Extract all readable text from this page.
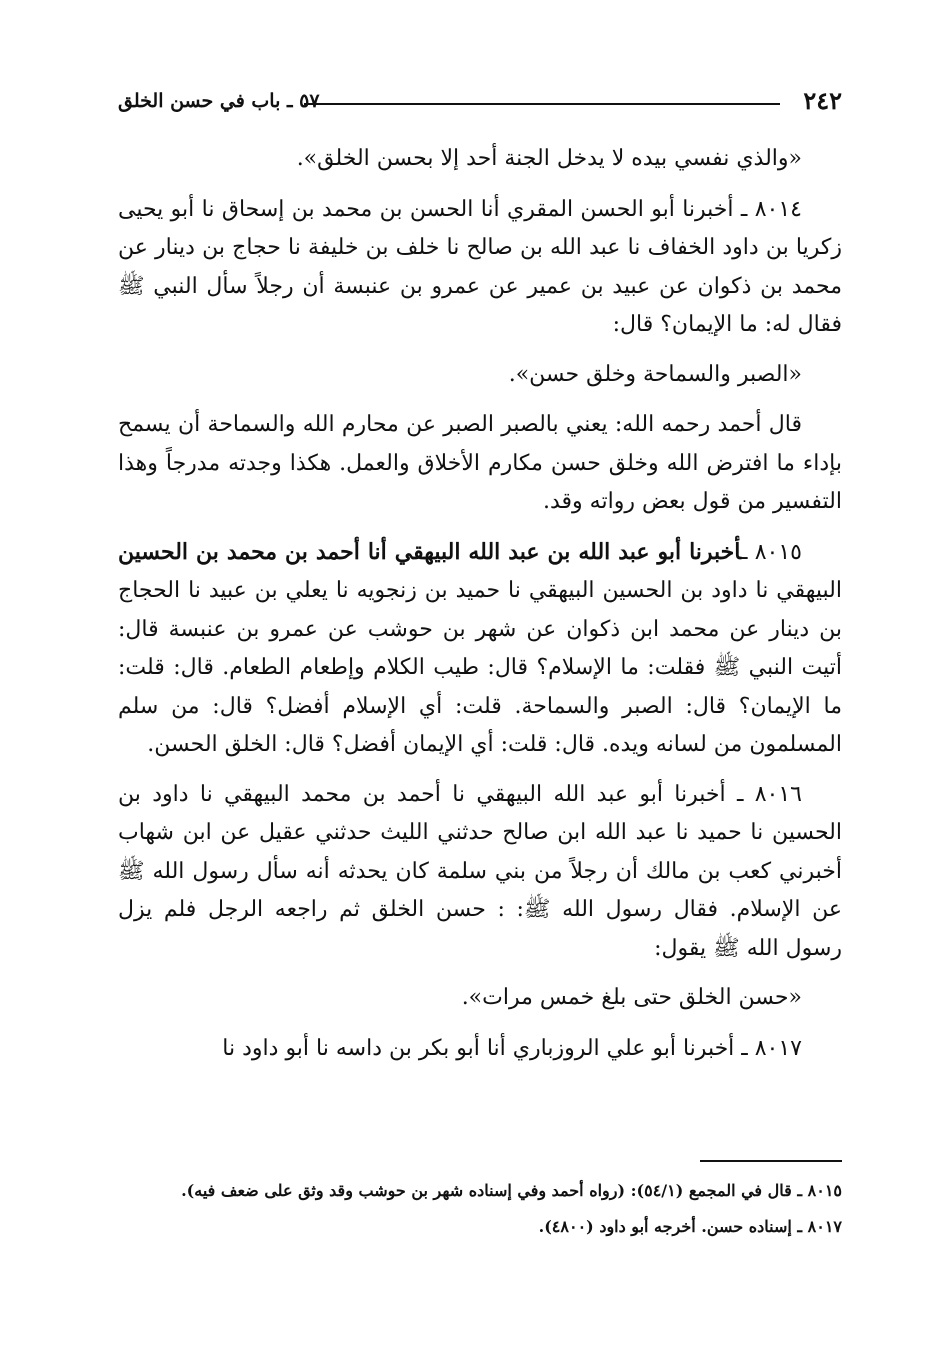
٢٤٢
٥٧ ـ باب في حسن الخلق

«والذي نفسي بيده لا يدخل الجنة أحد إلا بحسن الخلق».

٨٠١٤ ـ أخبرنا أبو الحسن المقري أنا الحسن بن محمد بن إسحاق نا أبو يحيى زكريا بن داود الخفاف نا عبد الله بن صالح نا خلف بن خليفة نا حجاج بن دينار عن محمد بن ذكوان عن عبيد بن عمير عن عمرو بن عنبسة أن رجلاً سأل النبي ﷺ فقال له: ما الإيمان؟ قال:

«الصبر والسماحة وخلق حسن».

قال أحمد رحمه الله: يعني بالصبر الصبر عن محارم الله والسماحة أن يسمح بإداء ما افترض الله وخلق حسن مكارم الأخلاق والعمل. هكذا وجدته مدرجاً وهذا التفسير من قول بعض رواته وقد.

٨٠١٥ ـأخبرنا أبو عبد الله بن عبد الله البيهقي أنا أحمد بن محمد بن الحسين البيهقي نا داود بن الحسين البيهقي نا حميد بن زنجويه نا يعلي بن عبيد نا الحجاج بن دينار عن محمد ابن ذكوان عن شهر بن حوشب عن عمرو بن عنبسة قال: أتيت النبي ﷺ فقلت: ما الإسلام؟ قال: طيب الكلام وإطعام الطعام. قال: قلت: ما الإيمان؟ قال: الصبر والسماحة. قلت: أي الإسلام أفضل؟ قال: من سلم المسلمون من لسانه ويده. قال: قلت: أي الإيمان أفضل؟ قال: الخلق الحسن.

٨٠١٦ ـ أخبرنا أبو عبد الله البيهقي نا أحمد بن محمد البيهقي نا داود بن الحسين نا حميد نا عبد الله ابن صالح حدثني الليث حدثني عقيل عن ابن شهاب أخبرني كعب بن مالك أن رجلاً من بني سلمة كان يحدثه أنه سأل رسول الله ﷺ عن الإسلام. فقال رسول الله ﷺ: : حسن الخلق ثم راجعه الرجل فلم يزل رسول الله ﷺ يقول:

«حسن الخلق حتى بلغ خمس مرات».

٨٠١٧ ـ أخبرنا أبو علي الروزباري أنا أبو بكر بن داسه نا أبو داود نا

٨٠١٥ ـ قال في المجمع (٥٤/١): (رواه أحمد وفي إسناده شهر بن حوشب وقد وثق على ضعف فيه).

٨٠١٧ ـ إسناده حسن. أخرجه أبو داود (٤٨٠٠).
